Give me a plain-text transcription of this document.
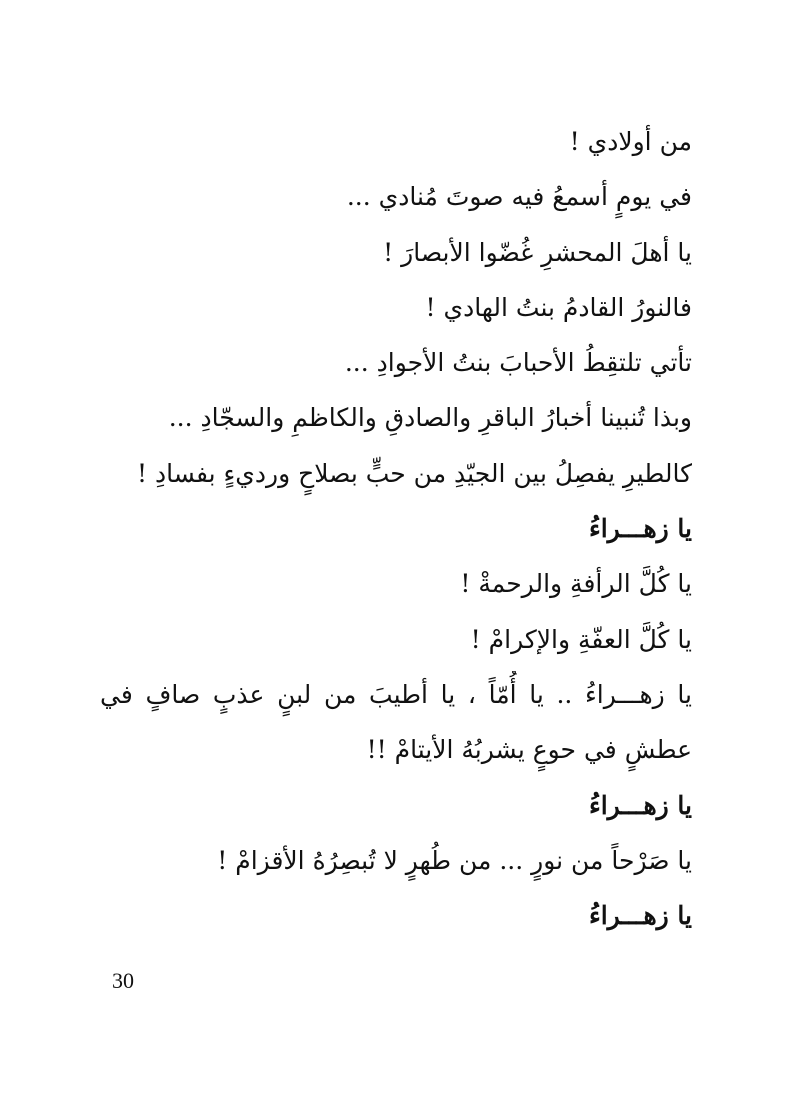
من أولادي !
في يومٍ أسمعُ فيه صوتَ مُنادي ...
يا أهلَ المحشرِ غُضّوا الأبصارَ !
فالنورُ القادمُ بنتُ الهادي !
تأتي تلتقِطُ الأحبابَ بنتُ الأجوادِ ...
وبذا تُنبينا أخبارُ الباقرِ والصادقِ والكاظمِ والسجّادِ ...
كالطيرِ يفصِلُ بين الجيّدِ من حبٍّ بصلاحٍ ورديءٍ بفسادِ !
يا زهـــراءُ
يا كُلَّ الرأفةِ والرحمةْ !
يا كُلَّ العفّةِ والإكرامْ !
يا زهـــراءُ .. يا أُمّاً ، يا أطيبَ من لبنٍ عذبٍ صافٍ في
عطشٍ في حوعٍ يشربُهُ الأيتامْ !!
يا زهـــراءُ
يا صَرْحاً من نورٍ ... من طُهرٍ لا تُبصِرُهُ الأقزامْ !
يا زهـــراءُ
30
